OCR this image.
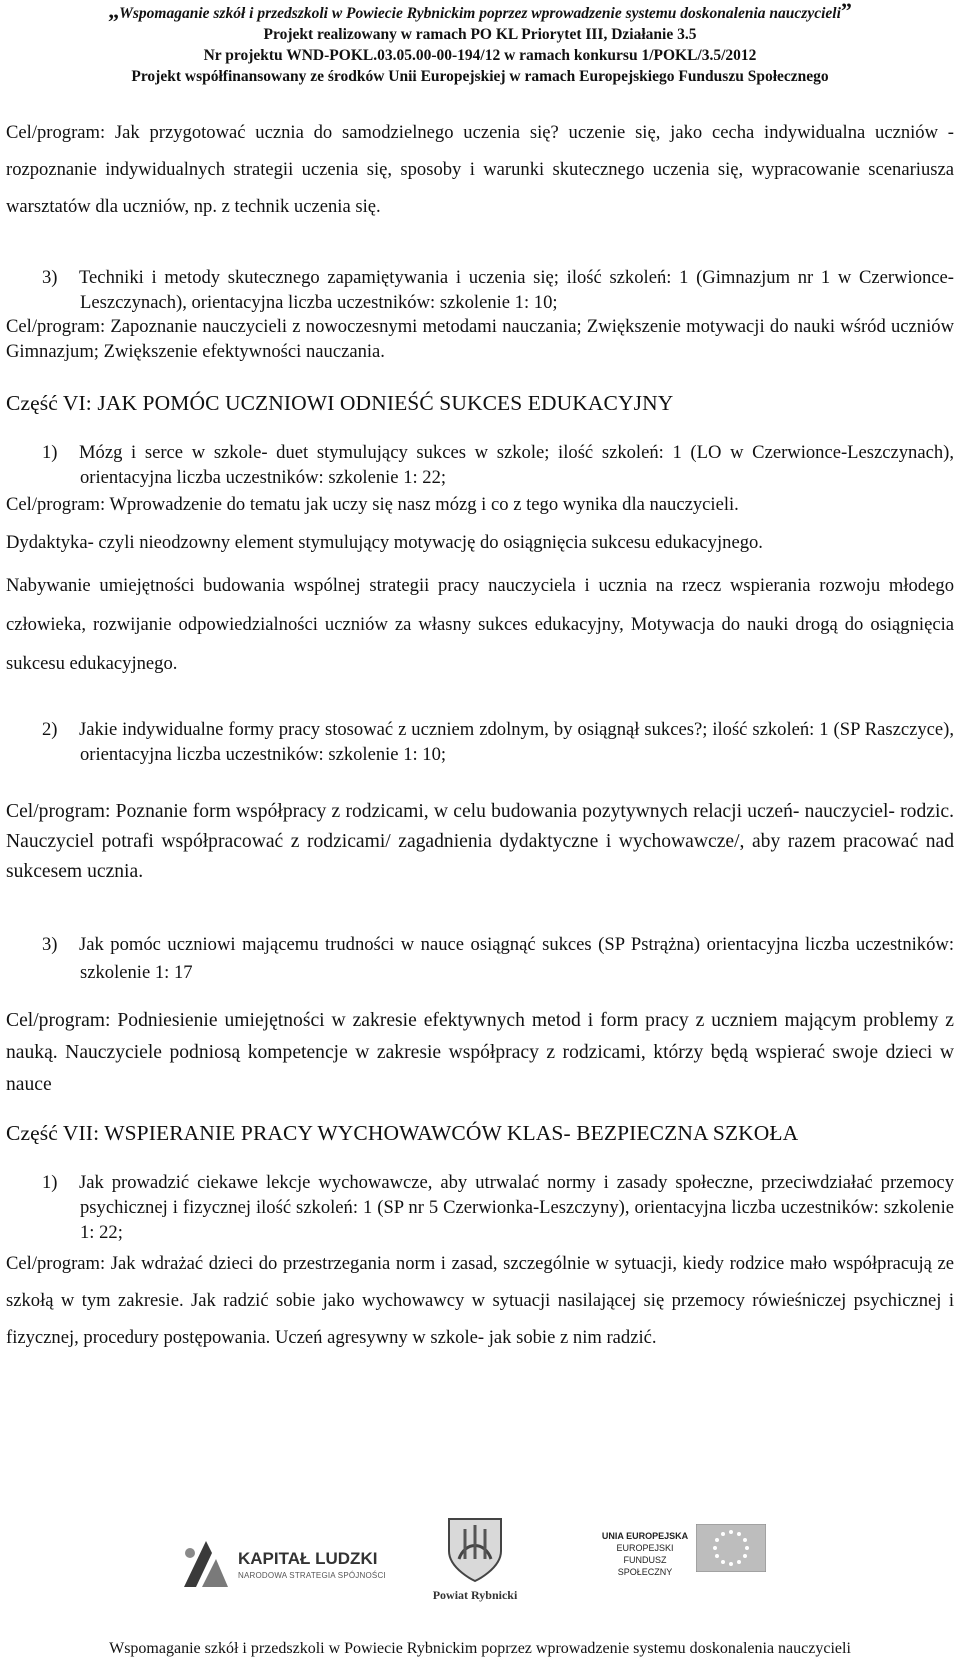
„Wspomaganie szkół i przedszkoli w Powiecie Rybnickim poprzez wprowadzenie systemu doskonalenia nauczycieli”
Projekt realizowany w ramach PO KL Priorytet III, Działanie 3.5
Nr projektu WND-POKL.03.05.00-00-194/12 w ramach konkursu 1/POKL/3.5/2012
Projekt współfinansowany ze środków Unii Europejskiej w ramach Europejskiego Funduszu Społecznego

Cel/program: Jak przygotować ucznia do samodzielnego uczenia się? uczenie się, jako cecha indywidualna uczniów - rozpoznanie indywidualnych strategii uczenia się, sposoby i warunki skutecznego uczenia się, wypracowanie scenariusza warsztatów dla uczniów, np. z technik uczenia się.

3) Techniki i metody skutecznego zapamiętywania i uczenia się; ilość szkoleń: 1 (Gimnazjum nr 1 w Czerwionce-Leszczynach), orientacyjna liczba uczestników: szkolenie 1: 10;

Cel/program: Zapoznanie nauczycieli z nowoczesnymi metodami nauczania; Zwiększenie motywacji do nauki wśród uczniów Gimnazjum; Zwiększenie efektywności nauczania.

Część VI: JAK POMÓC UCZNIOWI ODNIEŚĆ SUKCES EDUKACYJNY
1) Mózg i serce w szkole- duet stymulujący sukces w szkole; ilość szkoleń: 1 (LO w Czerwionce-Leszczynach), orientacyjna liczba uczestników: szkolenie 1: 22;

Cel/program: Wprowadzenie do tematu jak uczy się nasz mózg i co z tego wynika dla nauczycieli.

Dydaktyka- czyli nieodzowny element stymulujący motywację do osiągnięcia sukcesu edukacyjnego.

Nabywanie umiejętności budowania wspólnej strategii pracy nauczyciela i ucznia na rzecz wspierania rozwoju młodego człowieka, rozwijanie odpowiedzialności uczniów za własny sukces edukacyjny, Motywacja do nauki drogą do osiągnięcia sukcesu edukacyjnego.

2) Jakie indywidualne formy pracy stosować z uczniem zdolnym, by osiągnął sukces?; ilość szkoleń: 1 (SP Raszczyce), orientacyjna liczba uczestników: szkolenie 1: 10;

Cel/program: Poznanie form współpracy z rodzicami, w celu budowania pozytywnych relacji uczeń- nauczyciel- rodzic. Nauczyciel potrafi współpracować z rodzicami/ zagadnienia dydaktyczne i wychowawcze/, aby razem pracować nad sukcesem ucznia.

3) Jak pomóc uczniowi mającemu trudności w nauce osiągnąć sukces (SP Pstrążna) orientacyjna liczba uczestników: szkolenie 1: 17

Cel/program: Podniesienie umiejętności w zakresie efektywnych metod i form pracy z uczniem mającym problemy z nauką. Nauczyciele podniosą kompetencje w zakresie współpracy z rodzicami, którzy będą wspierać swoje dzieci w nauce

Część VII: WSPIERANIE PRACY WYCHOWAWCÓW KLAS- BEZPIECZNA SZKOŁA
1) Jak prowadzić ciekawe lekcje wychowawcze, aby utrwalać normy i zasady społeczne, przeciwdziałać przemocy psychicznej i fizycznej ilość szkoleń: 1 (SP nr 5 Czerwionka-Leszczyny), orientacyjna liczba uczestników: szkolenie 1: 22;

Cel/program: Jak wdrażać dzieci do przestrzegania norm i zasad, szczególnie w sytuacji, kiedy rodzice mało współpracują ze szkołą w tym zakresie. Jak radzić sobie jako wychowawcy w sytuacji nasilającej się przemocy rówieśniczej psychicznej i fizycznej, procedury postępowania. Uczeń agresywny w szkole- jak sobie z nim radzić.

KAPITAŁ LUDZKI
NARODOWA STRATEGIA SPÓJNOŚCI
Powiat Rybnicki
UNIA EUROPEJSKA
EUROPEJSKI
FUNDUSZ SPOŁECZNY
Wspomaganie szkół i przedszkoli w Powiecie Rybnickim poprzez wprowadzenie systemu doskonalenia nauczycieli
